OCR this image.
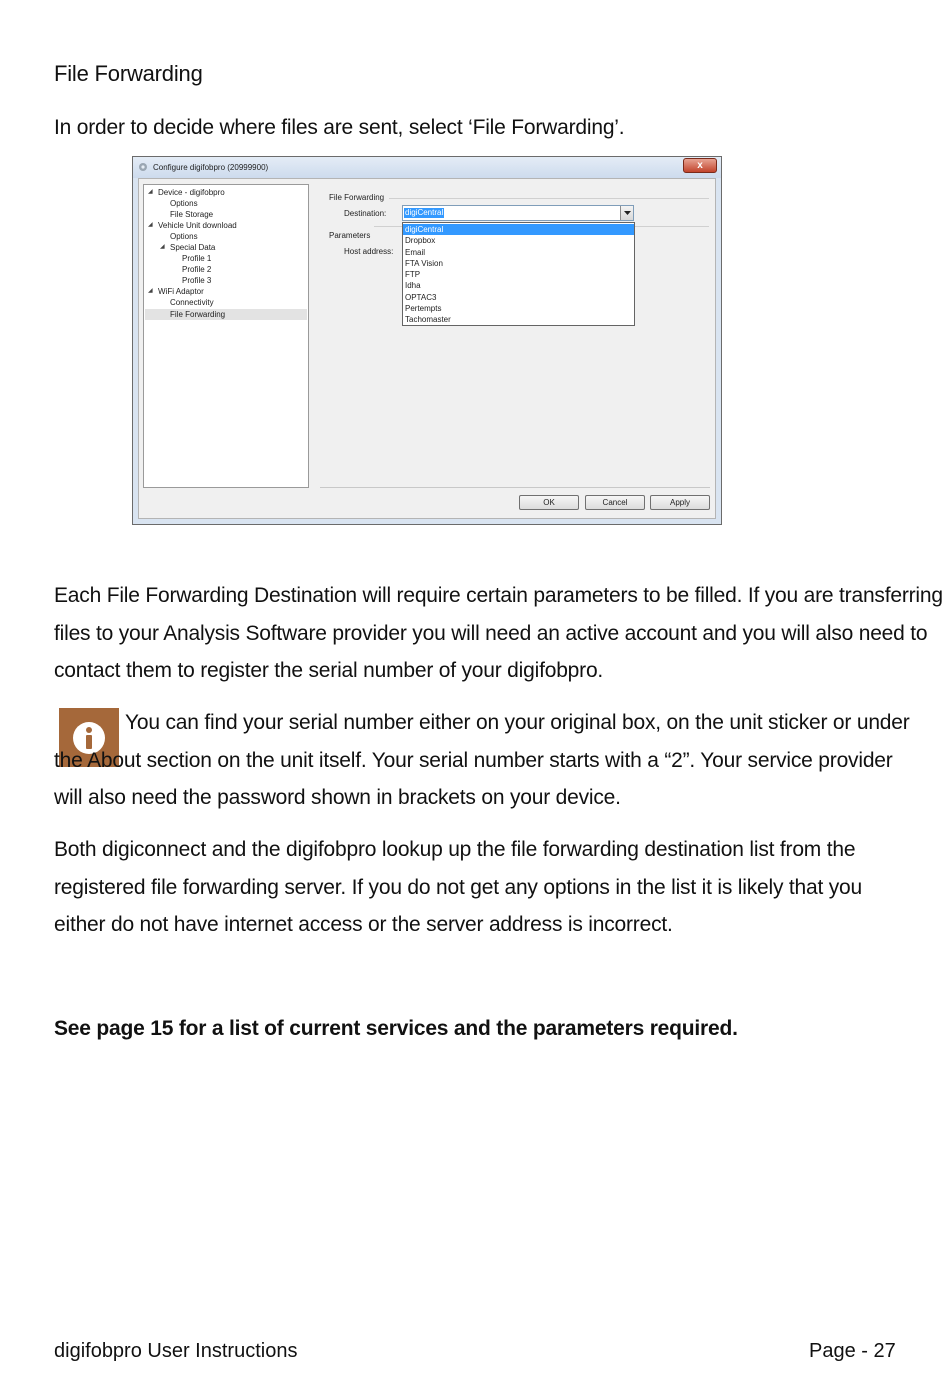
File Forwarding

In order to decide where files are sent, select ‘File Forwarding’.

Configure digifobpro (20999900)	x
◢ Device - digifobpro
Options
File Storage
◢ Vehicle Unit download
Options
◢ Special Data
Profile 1
Profile 2
Profile 3
◢ WiFi Adaptor
Connectivity
File Forwarding
File Forwarding
Destination: digiCentral
Parameters
Host address:
digiCentral
Dropbox
Email
FTA Vision
FTP
Idha
OPTAC3
Pertempts
Tachomaster
OK	Cancel	Apply

Each File Forwarding Destination will require certain parameters to be filled. If you are transferring files to your Analysis Software provider you will need an active account and you will also need to contact them to register the serial number of your digifobpro.

You can find your serial number either on your original box, on the unit sticker or under the About section on the unit itself. Your serial number starts with a “2”. Your service provider will also need the password shown in brackets on your device.

Both digiconnect and the digifobpro lookup up the file forwarding destination list from the registered file forwarding server. If you do not get any options in the list it is likely that you either do not have internet access or the server address is incorrect.

See page 15 for a list of current services and the parameters required.

digifobpro User Instructions	Page - 27
